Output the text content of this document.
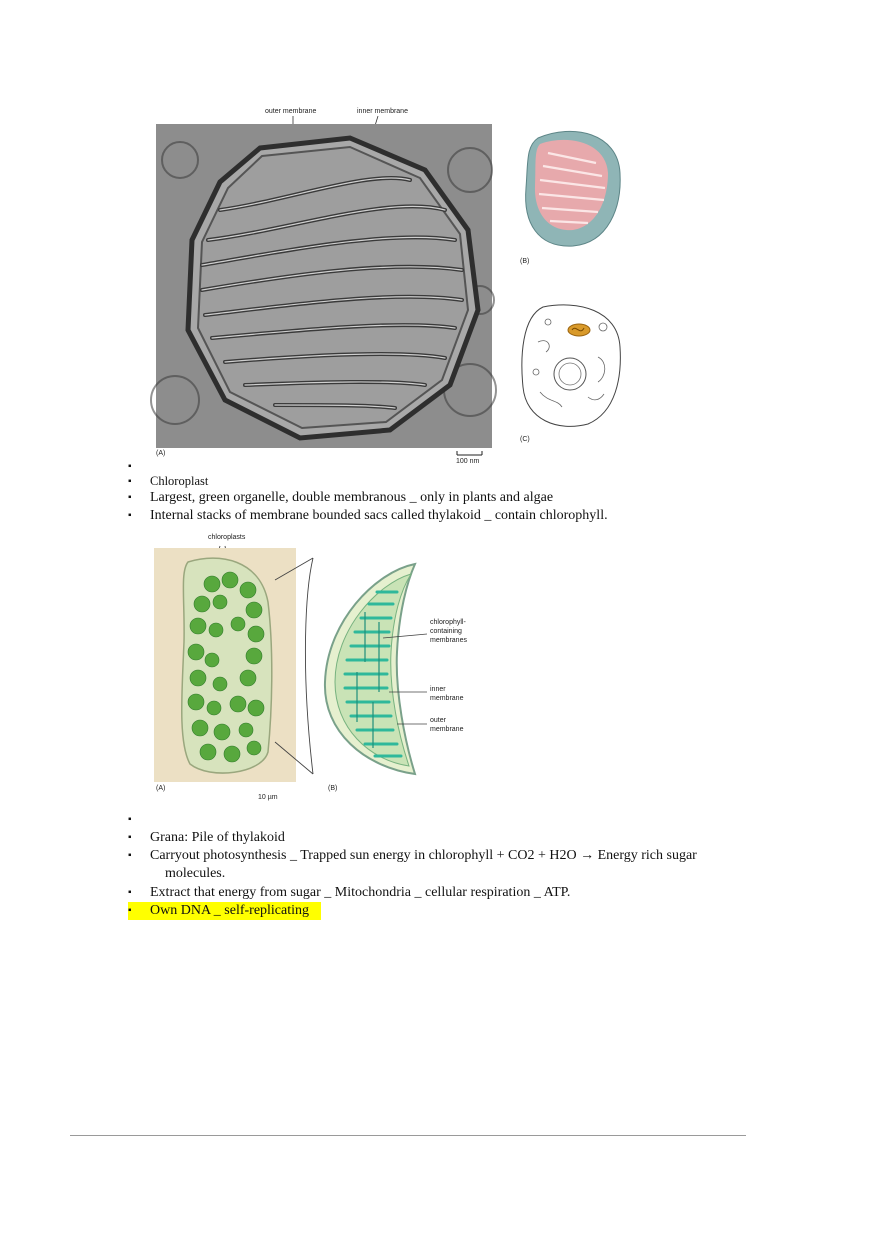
outer membrane	inner membrane
(A)
100 nm
(B)
(C)
▪
▪ Chloroplast
▪ Largest, green organelle, double membranous _ only in plants and algae
▪ Internal stacks of membrane bounded sacs called thylakoid _ contain chlorophyll.
chloroplasts
(A)
10 µm
(B)
chlorophyll-
containing
membranes
inner
membrane
outer
membrane
▪
▪ Grana: Pile of thylakoid
▪ Carryout photosynthesis _ Trapped sun energy in chlorophyll + CO2 + H2O → Energy rich sugar
molecules.
▪ Extract that energy from sugar _ Mitochondria _ cellular respiration _ ATP.
▪ Own DNA _ self-replicating
